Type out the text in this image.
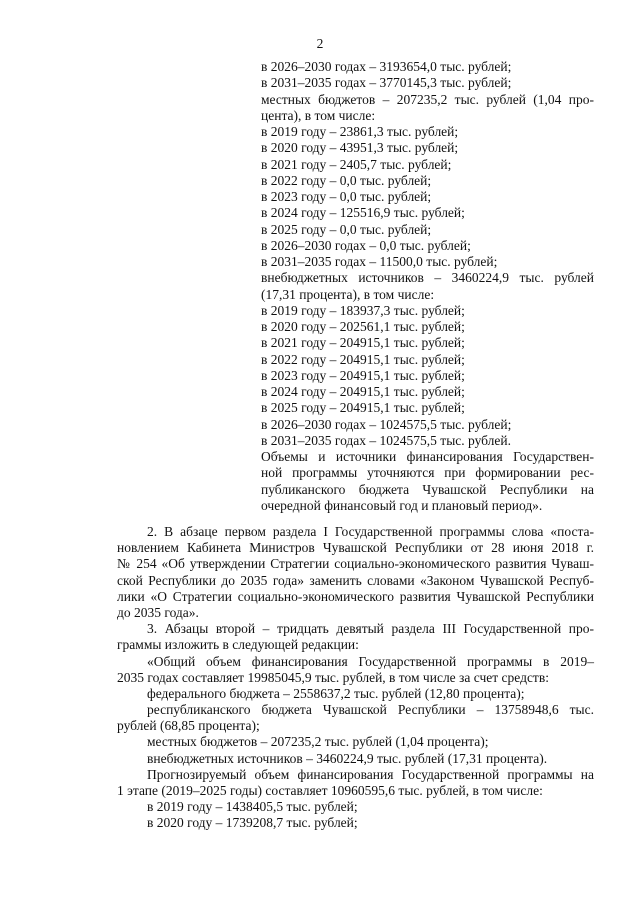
2
в 2026–2030 годах – 3193654,0 тыс. рублей;
в 2031–2035 годах – 3770145,3 тыс. рублей;
местных бюджетов – 207235,2 тыс. рублей (1,04 про-
цента), в том числе:
в 2019 году – 23861,3 тыс. рублей;
в 2020 году – 43951,3 тыс. рублей;
в 2021 году – 2405,7 тыс. рублей;
в 2022 году – 0,0 тыс. рублей;
в 2023 году – 0,0 тыс. рублей;
в 2024 году – 125516,9 тыс. рублей;
в 2025 году – 0,0 тыс. рублей;
в 2026–2030 годах – 0,0 тыс. рублей;
в 2031–2035 годах – 11500,0 тыс. рублей;
внебюджетных источников – 3460224,9 тыс. рублей
(17,31 процента), в том числе:
в 2019 году – 183937,3 тыс. рублей;
в 2020 году – 202561,1 тыс. рублей;
в 2021 году – 204915,1 тыс. рублей;
в 2022 году – 204915,1 тыс. рублей;
в 2023 году – 204915,1 тыс. рублей;
в 2024 году – 204915,1 тыс. рублей;
в 2025 году – 204915,1 тыс. рублей;
в 2026–2030 годах – 1024575,5 тыс. рублей;
в 2031–2035 годах – 1024575,5 тыс. рублей.
Объемы и источники финансирования Государствен-
ной программы уточняются при формировании рес-
публиканского бюджета Чувашской Республики на
очередной финансовый год и плановый период».
2. В абзаце первом раздела I Государственной программы слова «поста-
новлением Кабинета Министров Чувашской Республики от 28 июня 2018 г.
№ 254 «Об утверждении Стратегии социально-экономического развития Чуваш-
ской Республики до 2035 года» заменить словами «Законом Чувашской Респуб-
лики «О Стратегии социально-экономического развития Чувашской Республики
до 2035 года».
3. Абзацы второй – тридцать девятый раздела III Государственной про-
граммы изложить в следующей редакции:
«Общий объем финансирования Государственной программы в 2019–
2035 годах составляет 19985045,9 тыс. рублей, в том числе за счет средств:
федерального бюджета – 2558637,2 тыс. рублей (12,80 процента);
республиканского бюджета Чувашской Республики – 13758948,6 тыс.
рублей (68,85 процента);
местных бюджетов – 207235,2 тыс. рублей (1,04 процента);
внебюджетных источников – 3460224,9 тыс. рублей (17,31 процента).
Прогнозируемый объем финансирования Государственной программы на
1 этапе (2019–2025 годы) составляет 10960595,6 тыс. рублей, в том числе:
в 2019 году – 1438405,5 тыс. рублей;
в 2020 году – 1739208,7 тыс. рублей;
